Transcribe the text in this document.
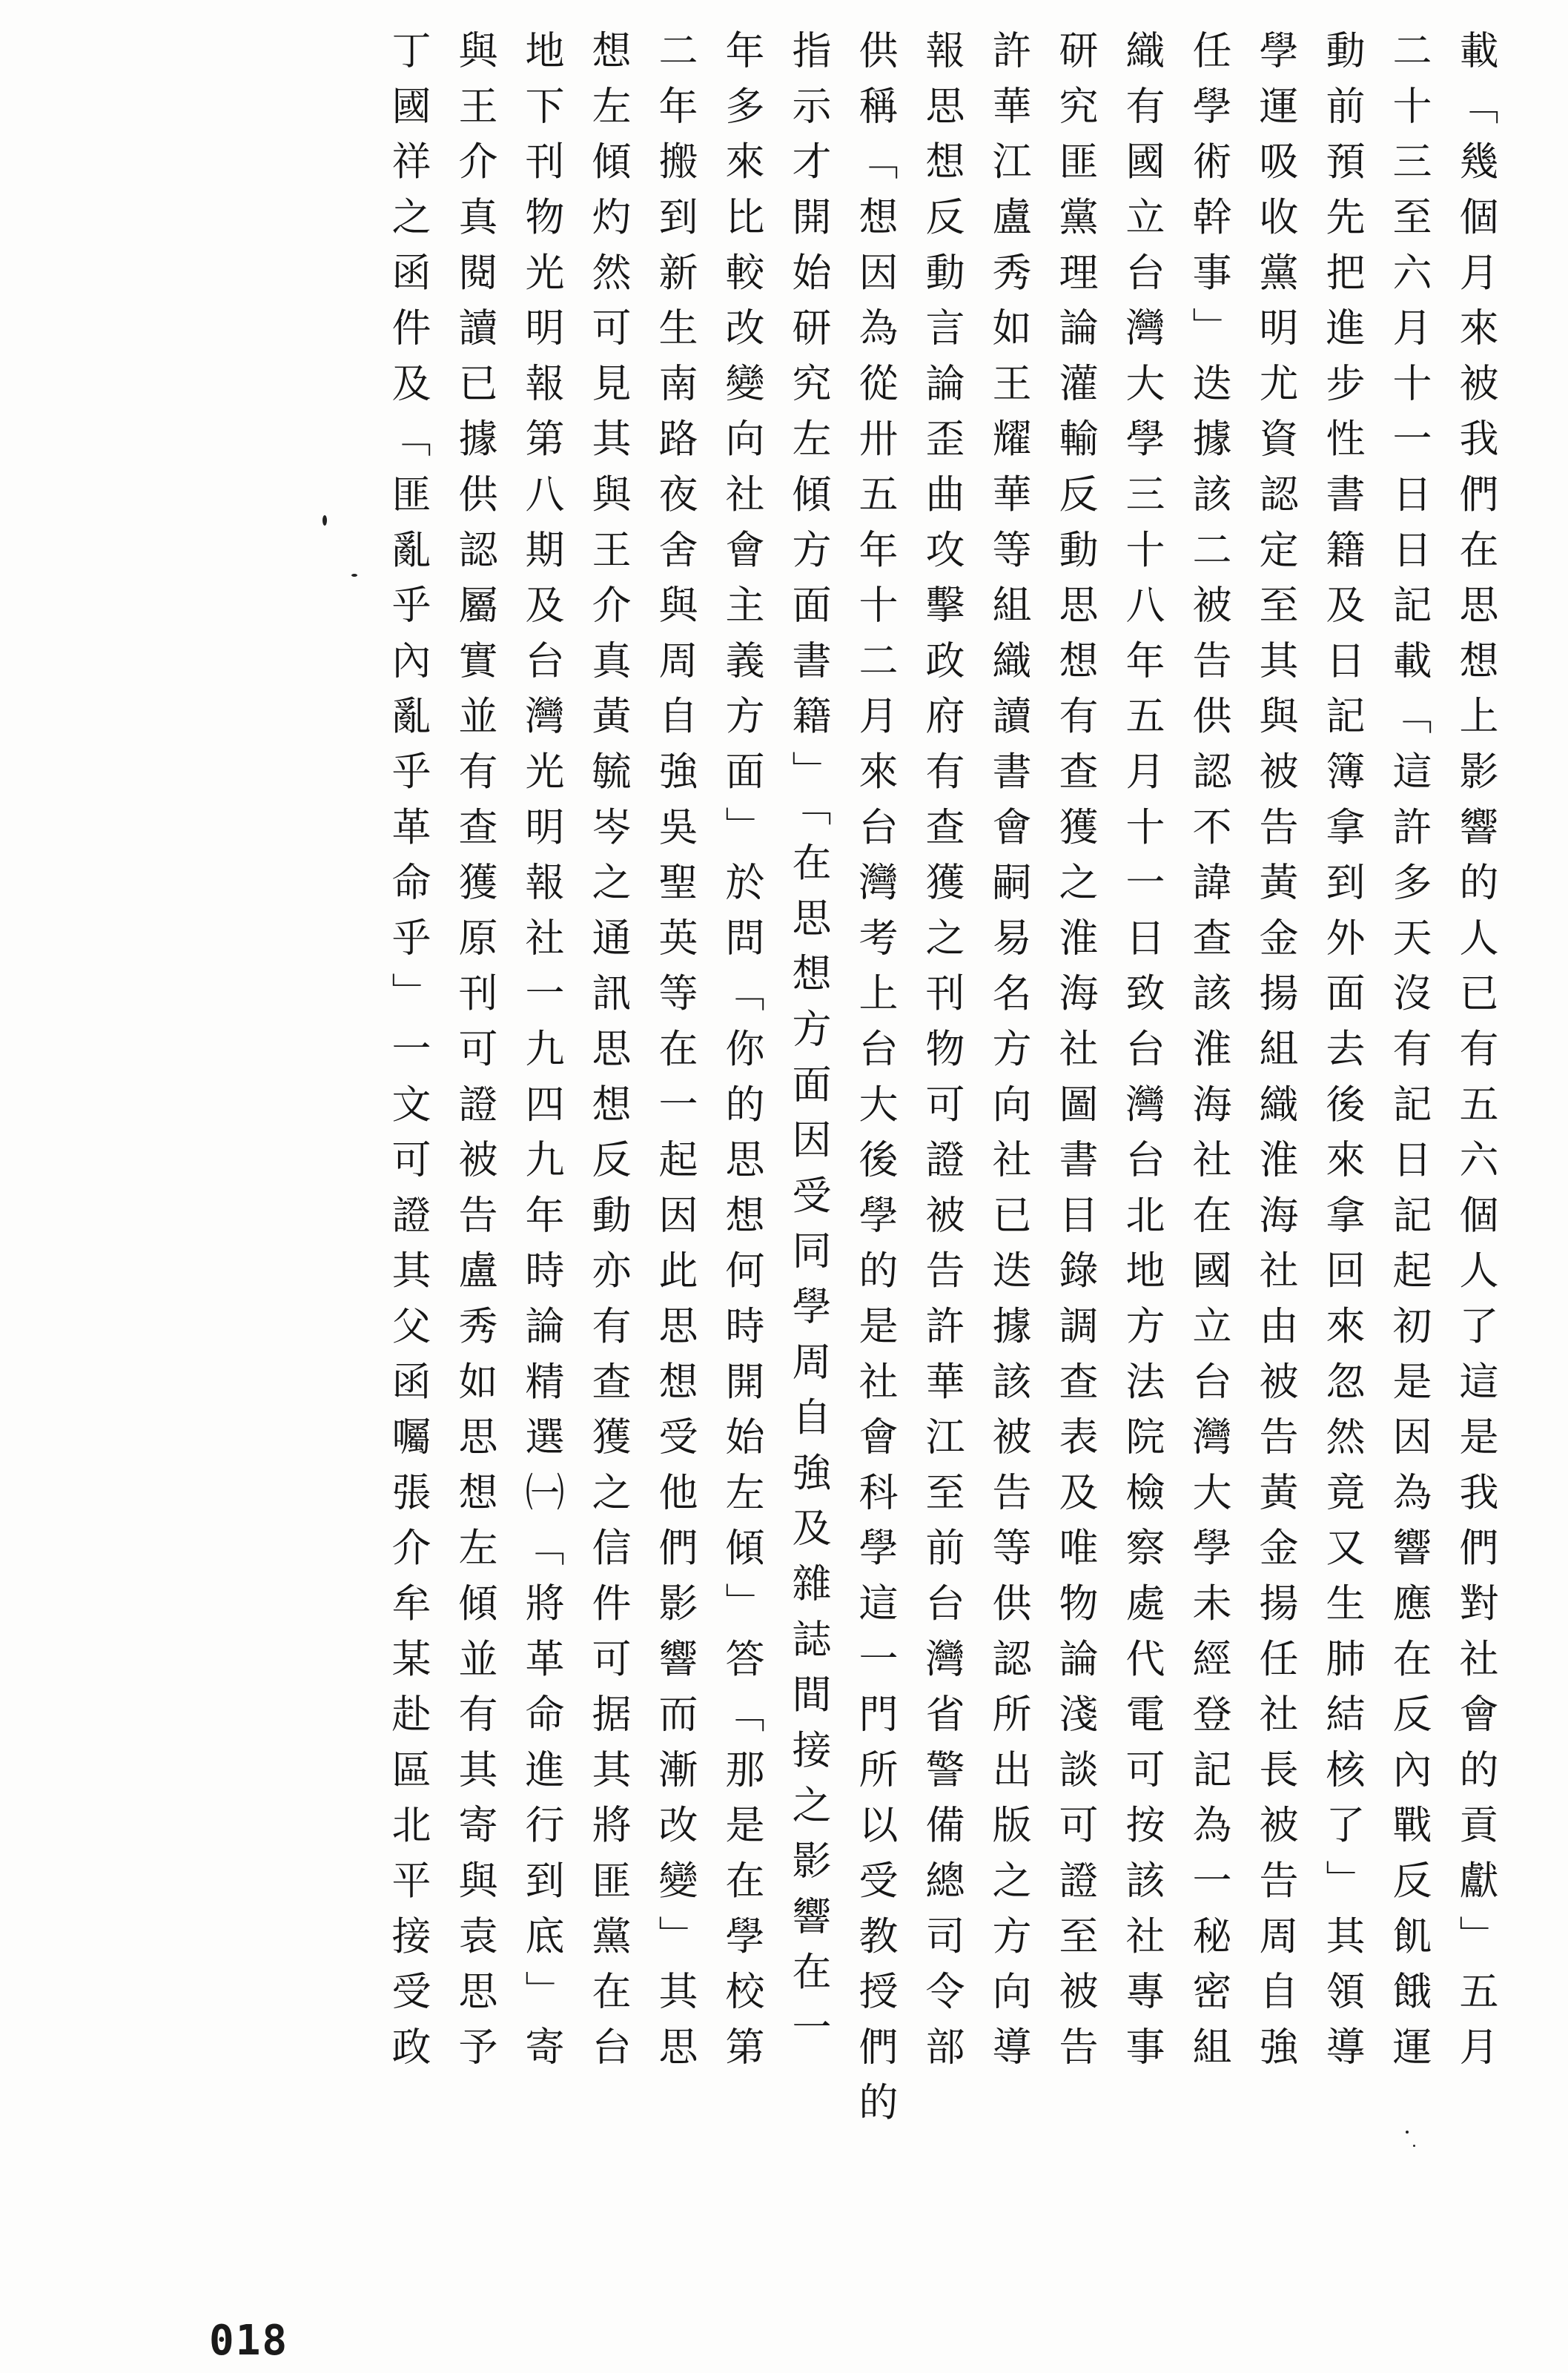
載「幾個月來被我們在思想上影響的人已有五六個人了這是我們對社會的貢獻」五月
二十三至六月十一日日記載「這許多天沒有記日記起初是因為響應在反內戰反飢餓運
動前預先把進步性書籍及日記簿拿到外面去後來拿回來忽然竟又生肺結核了」其領導
學運吸收黨明尤資認定至其與被告黃金揚組織淮海社由被告黃金揚任社長被告周自強
任學術幹事」迭據該二被告供認不諱查該淮海社在國立台灣大學未經登記為一秘密組
織有國立台灣大學三十八年五月十一日致台灣台北地方法院檢察處代電可按該社專事
研究匪黨理論灌輸反動思想有查獲之淮海社圖書目錄調查表及唯物論淺談可證至被告
許華江盧秀如王耀華等組織讀書會嗣易名方向社已迭據該被告等供認所出版之方向導
報思想反動言論歪曲攻擊政府有查獲之刊物可證被告許華江至前台灣省警備總司令部
供稱「想因為從卅五年十二月來台灣考上台大後學的是社會科學這一門所以受教授們的
指示才開始研究左傾方面書籍」「在思想方面因受同學周自強及雜誌間接之影響在一
年多來比較改變向社會主義方面」於問「你的思想何時開始左傾」答「那是在學校第
二年搬到新生南路夜舍與周自強吳聖英等在一起因此思想受他們影響而漸改變」其思
想左傾灼然可見其與王介真黃毓岑之通訊思想反動亦有查獲之信件可据其將匪黨在台
地下刊物光明報第八期及台灣光明報社一九四九年時論精選㈠「將革命進行到底」寄
與王介真閱讀已據供認屬實並有查獲原刊可證被告盧秀如思想左傾並有其寄與袁思予
丁國祥之函件及「匪亂乎內亂乎革命乎」一文可證其父函囑張介牟某赴區北平接受政
018
